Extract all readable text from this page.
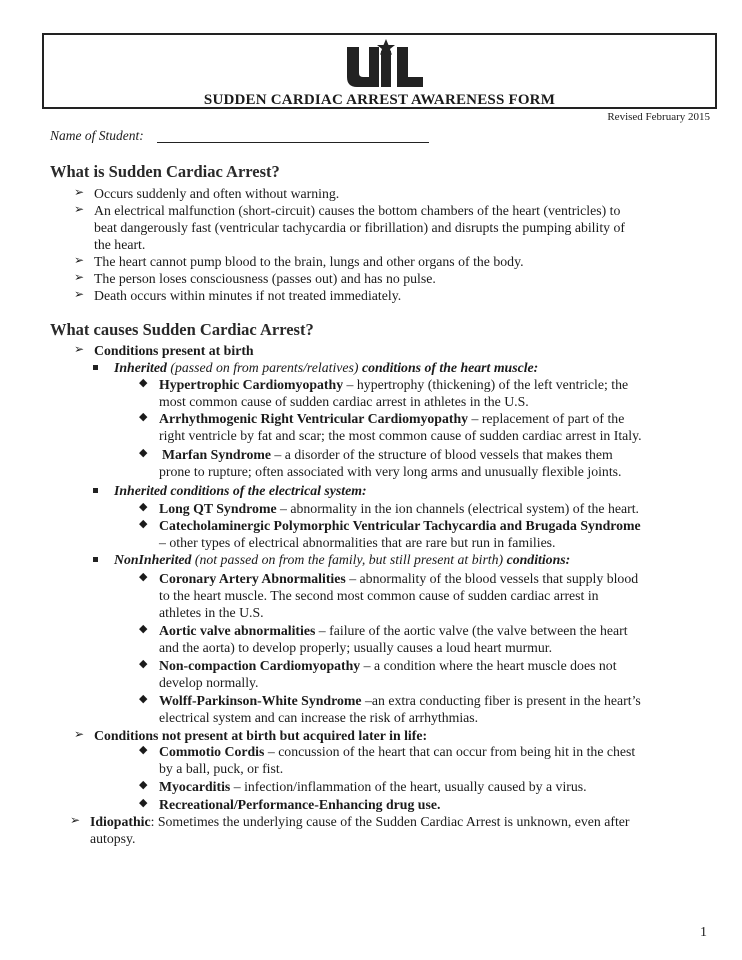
SUDDEN CARDIAC ARREST AWARENESS FORM
Revised February 2015
Name of Student:
What is Sudden Cardiac Arrest?
➢ Occurs suddenly and often without warning.
➢ An electrical malfunction (short-circuit) causes the bottom chambers of the heart (ventricles) to
beat dangerously fast (ventricular tachycardia or fibrillation) and disrupts the pumping ability of
the heart.
➢ The heart cannot pump blood to the brain, lungs and other organs of the body.
➢ The person loses consciousness (passes out) and has no pulse.
➢ Death occurs within minutes if not treated immediately.
What causes Sudden Cardiac Arrest?
➢ Conditions present at birth
Inherited (passed on from parents/relatives) conditions of the heart muscle:
◆ Hypertrophic Cardiomyopathy – hypertrophy (thickening) of the left ventricle; the
most common cause of sudden cardiac arrest in athletes in the U.S.
◆ Arrhythmogenic Right Ventricular Cardiomyopathy – replacement of part of the
right ventricle by fat and scar; the most common cause of sudden cardiac arrest in Italy.
◆ Marfan Syndrome – a disorder of the structure of blood vessels that makes them
prone to rupture; often associated with very long arms and unusually flexible joints.
Inherited conditions of the electrical system:
◆ Long QT Syndrome – abnormality in the ion channels (electrical system) of the heart.
◆ Catecholaminergic Polymorphic Ventricular Tachycardia and Brugada Syndrome
– other types of electrical abnormalities that are rare but run in families.
NonInherited (not passed on from the family, but still present at birth) conditions:
◆ Coronary Artery Abnormalities – abnormality of the blood vessels that supply blood
to the heart muscle. The second most common cause of sudden cardiac arrest in
athletes in the U.S.
◆ Aortic valve abnormalities – failure of the aortic valve (the valve between the heart
and the aorta) to develop properly; usually causes a loud heart murmur.
◆ Non-compaction Cardiomyopathy – a condition where the heart muscle does not
develop normally.
◆ Wolff-Parkinson-White Syndrome –an extra conducting fiber is present in the heart’s
electrical system and can increase the risk of arrhythmias.
➢ Conditions not present at birth but acquired later in life:
◆ Commotio Cordis – concussion of the heart that can occur from being hit in the chest
by a ball, puck, or fist.
◆ Myocarditis – infection/inflammation of the heart, usually caused by a virus.
◆ Recreational/Performance-Enhancing drug use.
➢ Idiopathic: Sometimes the underlying cause of the Sudden Cardiac Arrest is unknown, even after
autopsy.
1
